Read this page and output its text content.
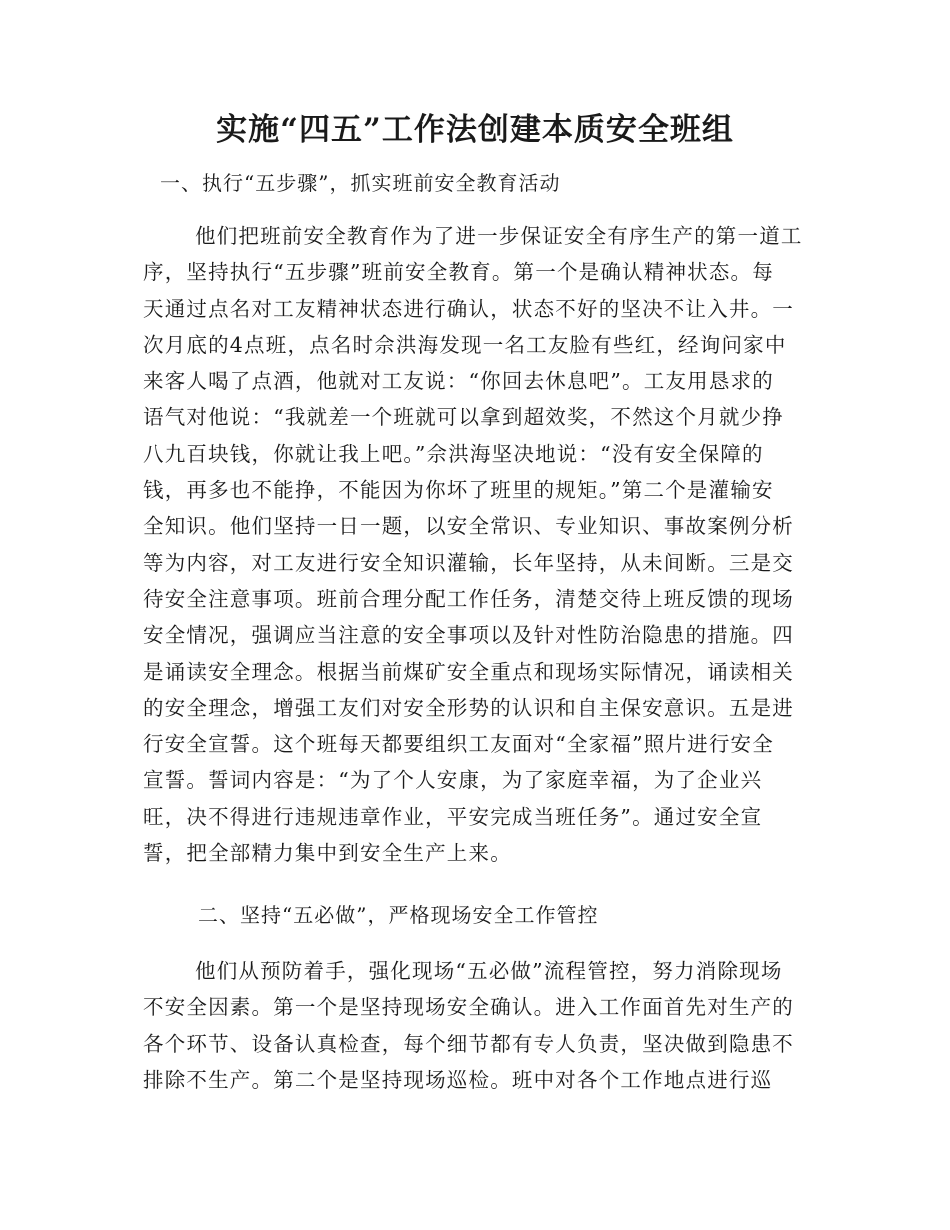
实施“四五”工作法创建本质安全班组

一、执行“五步骤”，抓实班前安全教育活动

他们把班前安全教育作为了进一步保证安全有序生产的第一道工
序，坚持执行“五步骤”班前安全教育。第一个是确认精神状态。每
天通过点名对工友精神状态进行确认，状态不好的坚决不让入井。一
次月底的4点班，点名时佘洪海发现一名工友脸有些红，经询问家中
来客人喝了点酒，他就对工友说：“你回去休息吧”。工友用恳求的
语气对他说：“我就差一个班就可以拿到超效奖，不然这个月就少挣
八九百块钱，你就让我上吧。”佘洪海坚决地说：“没有安全保障的
钱，再多也不能挣，不能因为你坏了班里的规矩。”第二个是灌输安
全知识。他们坚持一日一题，以安全常识、专业知识、事故案例分析
等为内容，对工友进行安全知识灌输，长年坚持，从未间断。三是交
待安全注意事项。班前合理分配工作任务，清楚交待上班反馈的现场
安全情况，强调应当注意的安全事项以及针对性防治隐患的措施。四
是诵读安全理念。根据当前煤矿安全重点和现场实际情况，诵读相关
的安全理念，增强工友们对安全形势的认识和自主保安意识。五是进
行安全宣誓。这个班每天都要组织工友面对“全家福”照片进行安全
宣誓。誓词内容是：“为了个人安康，为了家庭幸福，为了企业兴
旺，决不得进行违规违章作业，平安完成当班任务”。通过安全宣
誓，把全部精力集中到安全生产上来。

二、坚持“五必做”，严格现场安全工作管控

他们从预防着手，强化现场“五必做”流程管控，努力消除现场
不安全因素。第一个是坚持现场安全确认。进入工作面首先对生产的
各个环节、设备认真检查，每个细节都有专人负责，坚决做到隐患不
排除不生产。第二个是坚持现场巡检。班中对各个工作地点进行巡
